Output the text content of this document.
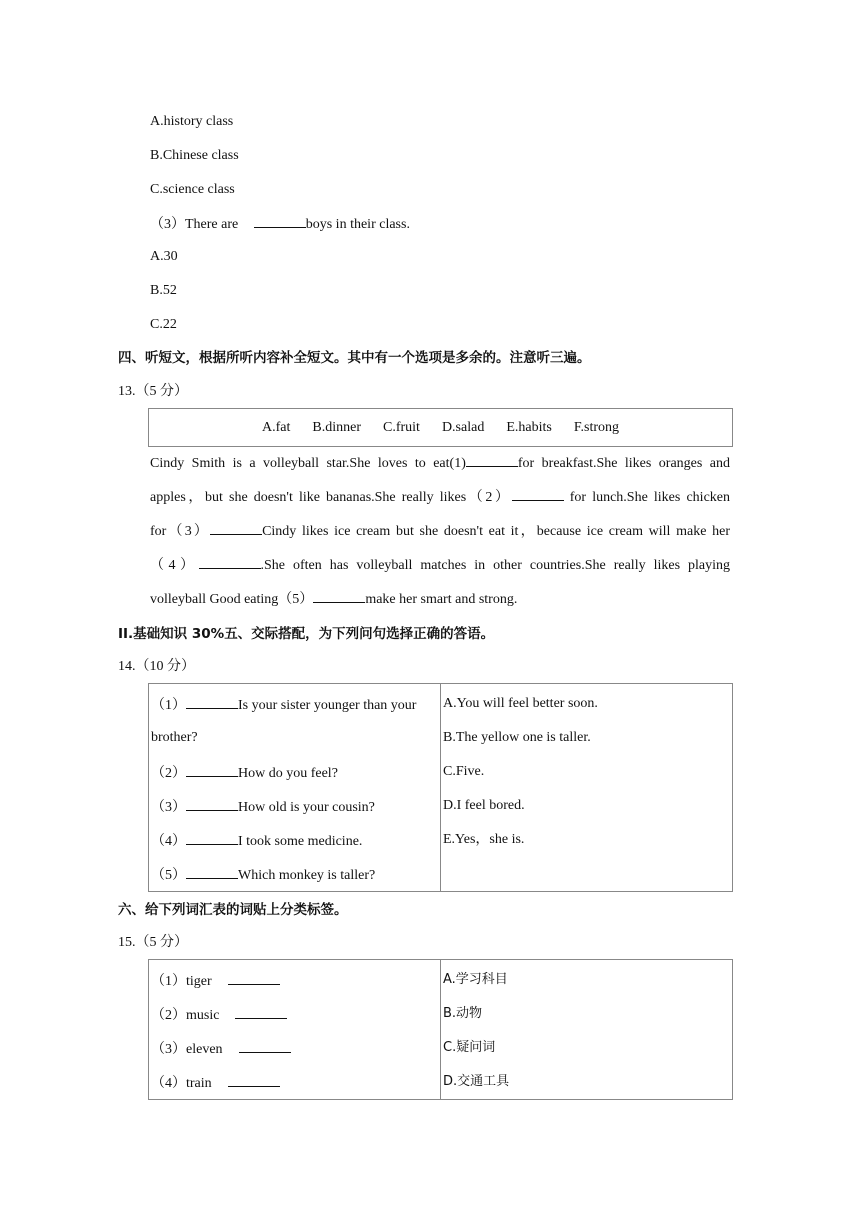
A.history class
B.Chinese class
C.science class
（3）There are	boys in their class.
A.30
B.52
C.22
四、听短文，根据所听内容补全短文。其中有一个选项是多余的。注意听三遍。
13.（5 分）
A.fat B.dinner C.fruit D.salad E.habits F.strong
Cindy Smith is a volleyball star.She loves to eat(1)	for breakfast.She likes oranges and
apples，but she doesn't like bananas.She really likes（2）	for lunch.She likes chicken
for（3）	Cindy likes ice cream but she doesn't eat it，because ice cream will make her
（4）	.She often has volleyball matches in other countries.She really likes playing
volleyball Good eating（5）	make her smart and strong.
II.基础知识 30%五、交际搭配，为下列问句选择正确的答语。
14.（10 分）
（1）	Is your sister younger than your
brother?
（2）	How do you feel?
（3）	How old is your cousin?
（4）	I took some medicine.
（5）	Which monkey is taller?
A.You will feel better soon.
B.The yellow one is taller.
C.Five.
D.I feel bored.
E.Yes，she is.
六、给下列词汇表的词贴上分类标签。
15.（5 分）
（1）tiger
（2）music
（3）eleven
（4）train
A.学习科目
B.动物
C.疑问词
D.交通工具
